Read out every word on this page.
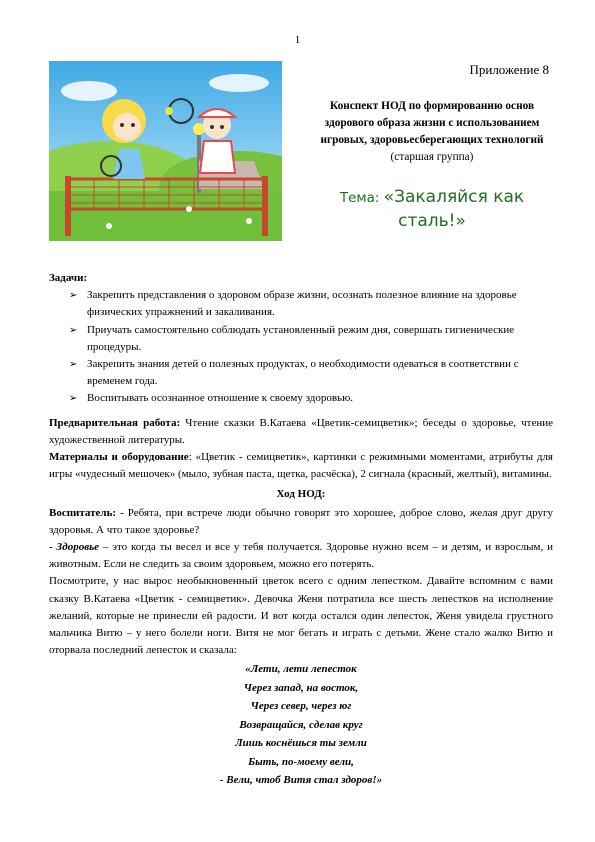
1
Приложение 8
Конспект НОД по формированию основ
здорового образа жизни с использованием
игровых, здоровьесберегающих технологий
(старшая группа)
Тема: «Закаляйся как
сталь!»
Задачи:
➢ Закрепить представления о здоровом образе жизни, осознать полезное влияние на здоровье физических упражнений и закаливания.
➢ Приучать самостоятельно соблюдать установленный режим дня, совершать гигиенические процедуры.
➢ Закрепить знания детей о полезных продуктах, о необходимости одеваться в соответствии с временем года.
➢ Воспитывать осознанное отношение к своему здоровью.

Предварительная работа: Чтение сказки В.Катаева «Цветик-семицветик»; беседы о здоровье, чтение художественной литературы.

Материалы и оборудование: «Цветик - семицветик», картинки с режимными моментами, атрибуты для игры «чудесный мешочек» (мыло, зубная паста, щетка, расчёска), 2 сигнала (красный, желтый), витамины.

Ход НОД:

Воспитатель: - Ребята, при встрече люди обычно говорят это хорошее, доброе слово, желая друг другу здоровья. А что такое здоровье?

- Здоровье – это когда ты весел и все у тебя получается. Здоровье нужно всем – и детям, и взрослым, и животным. Если не следить за своим здоровьем, можно его потерять.

Посмотрите, у нас вырос необыкновенный цветок всего с одним лепестком. Давайте вспомним с вами сказку В.Катаева «Цветик - семицветик». Девочка Женя потратила все шесть лепестков на исполнение желаний, которые не принесли ей радости. И вот когда остался один лепесток, Женя увидела грустного мальчика Витю – у него болели ноги. Витя не мог бегать и играть с детьми. Жене стало жалко Витю и оторвала последний лепесток и сказала:

«Лети, лети лепесток
Через запад, на восток,
Через север, через юг
Возвращайся, сделав круг
Лишь коснёшься ты земли
Быть, по-моему вели,
- Вели, чтоб Витя стал здоров!»
